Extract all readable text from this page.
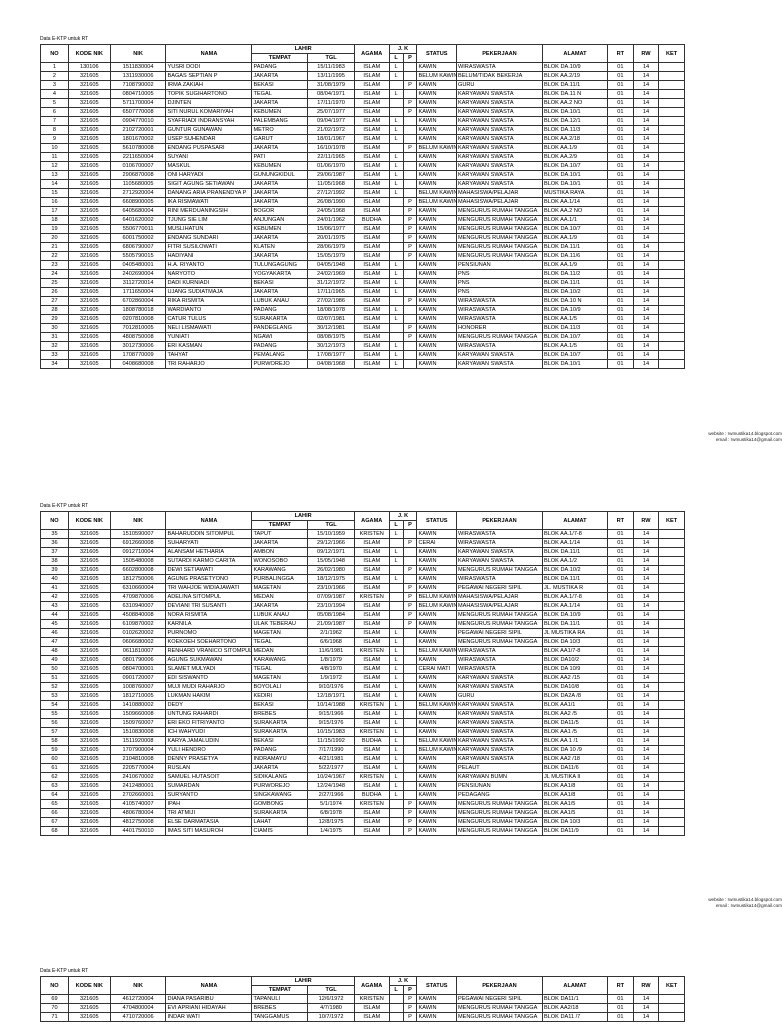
Data E-KTP untuk RT
NO	KODE NIK	NIK	NAMA	LAHIR		AGAMA	J. K		STATUS	PEKERJAAN	ALAMAT	RT	RW	KET
				TEMPAT	TGL		L	P						
1	130106	1511830004	YUSRI DODI	PADANG	15/11/1983	ISLAM	L		KAWIN	WIRASWASTA	BLOK DA.10/9	01	14	
2	321605	1311930006	BAGAS SEPTIAN P	JAKARTA	13/11/1995	ISLAM	L		BELUM KAWIN	BELUM/TIDAK BEKERJA	BLOK AA.2/19	01	14	
3	321605	7108790002	IRMA ZAKIAH	BEKASI	31/08/1979	ISLAM		P	KAWIN	GURU	BLOK DA.11/1	01	14	
4	321605	0804710005	TOPIK SUGIHARTONO	TEGAL	08/04/1971	ISLAM	L		KAWIN	KARYAWAN SWASTA	BLOK DA.11 N	01	14	
5	321605	5711700004	DJINTEN	JAKARTA	17/11/1970	ISLAM		P	KAWIN	KARYAWAN SWASTA	BLOK AA.2 NO	01	14	
6	321605	6507770008	SITI NURUL KOMARIYAH	KEBUMEN	25/07/1977	ISLAM		P	KAWIN	KARYAWAN SWASTA	BLOK DA.10/1	01	14	
7	321605	0904770010	SYAFRIADI INDRANSYAH	PALEMBANG	09/04/1977	ISLAM	L		KAWIN	KARYAWAN SWASTA	BLOK DA.12/1	01	14	
8	321605	2102720001	GUNTUR GUNAWAN	METRO	21/02/1972	ISLAM	L		KAWIN	KARYAWAN SWASTA	BLOK DA.11/3	01	14	
9	321605	1801670002	USEP SUHENDAR	GARUT	18/01/1967	ISLAM	L		KAWIN	KARYAWAN SWASTA	BLOK AA.2/18	01	14	
10	321605	5610780008	ENDANG PUSPASARI	JAKARTA	16/10/1978	ISLAM		P	BELUM KAWIN	KARYAWAN SWASTA	BLOK AA.1/9	01	14	
11	321605	2211650004	SUYANI	PATI	22/11/1965	ISLAM	L		KAWIN	KARYAWAN SWASTA	BLOK AA.2/9	01	14	
12	321605	0106700007	MASKUL	KEBUMEN	01/06/1970	ISLAM	L		KAWIN	KARYAWAN SWASTA	BLOK DA.10/7	01	14	
13	321605	2906870008	ONI HARYADI	GUNUNGKIDUL	29/06/1987	ISLAM	L		KAWIN	KARYAWAN SWASTA	BLOK DA.10/1	01	14	
14	321605	1105680005	SIGIT AGUNG SETIAWAN	JAKARTA	11/05/1968	ISLAM	L		KAWIN	KARYAWAN SWASTA	BLOK DA.10/1	01	14	
15	321605	2712920004	DANANG ARIA PRANENDYA P	JAKARTA	27/12/1992	ISLAM	L		BELUM KAWIN	MAHASISWA/PELAJAR	MUSTIKA RAYA	01	14	
16	321605	6608900005	IKA RISMAWATI	JAKARTA	26/08/1990	ISLAM		P	BELUM KAWIN	MAHASISWA/PELAJAR	BLOK AA.1/14	01	14	
17	321605	6405680004	RINI MERDUANINGSIH	BOGOR	24/05/1968	ISLAM		P	KAWIN	MENGURUS RUMAH TANGGA	BLOK AA.2 NO	01	14	
18	321605	6401620002	TJUNG SIE LIM	ANJUNGAN	24/01/1962	BUDHA		P	KAWIN	MENGURUS RUMAH TANGGA	BLOK AA.1/1	01	14	
19	321605	5506770011	MUSLIHATUN	KEBUMEN	15/06/1977	ISLAM		P	KAWIN	MENGURUS RUMAH TANGGA	BLOK DA.10/7	01	14	
20	321605	6001750002	ENDANG SUNDARI	JAKARTA	20/01/1975	ISLAM		P	KAWIN	MENGURUS RUMAH TANGGA	BLOK AA.1/9	01	14	
21	321605	6806790007	FITRI SUSILOWATI	KLATEN	28/06/1979	ISLAM		P	KAWIN	MENGURUS RUMAH TANGGA	BLOK DA.11/1	01	14	
22	321605	5505790015	HADIYANI	JAKARTA	15/05/1979	ISLAM		P	KAWIN	MENGURUS RUMAH TANGGA	BLOK DA.11/6	01	14	
23	321605	0405480001	H.A. RIYANTO	TULUNGAGUNG	04/05/1948	ISLAM	L		KAWIN	PENSIUNAN	BLOK AA.1/9	01	14	
24	321605	2402690004	NARYOTO	YOGYAKARTA	24/02/1969	ISLAM	L		KAWIN	PNS	BLOK DA.11/2	01	14	
25	321605	3112720014	DADI KURNIADI	BEKASI	31/12/1972	ISLAM	L		KAWIN	PNS	BLOK DA.11/1	01	14	
26	321605	1711650004	UJANG SUDIATMAJA	JAKARTA	17/11/1965	ISLAM	L		KAWIN	PNS	BLOK DA.10/2	01	14	
27	321605	6702860004	RIKA RISMITA	LUBUK ANAU	27/02/1986	ISLAM		P	KAWIN	WIRASWASTA	BLOK DA.10 N	01	14	
28	321605	1808780018	WARDIANTO	PADANG	18/08/1978	ISLAM	L		KAWIN	WIRASWASTA	BLOK DA.10/9	01	14	
29	321605	0207810008	CATUR TULUS	SURAKARTA	02/07/1981	ISLAM	L		KAWIN	WIRASWASTA	BLOK AA.1/5	01	14	
30	321605	7012810005	NELI LISMAWATI	PANDEGLANG	30/12/1981	ISLAM		P	KAWIN	HONORER	BLOK DA.11/3	01	14	
31	321605	4808750008	YUNIATI	NGAWI	08/08/1975	ISLAM		P	KAWIN	MENGURUS RUMAH TANGGA	BLOK DA.10/7	01	14	
32	321605	3012730006	ERI KASMAN	PADANG	30/12/1973	ISLAM	L		KAWIN	WIRASWASTA	BLOK AA.1/5	01	14	
33	321605	1708770009	TAHYAT	PEMALANG	17/08/1977	ISLAM	L		KAWIN	KARYAWAN SWASTA	BLOK DA.10/7	01	14	
34	321605	0408680008	TRI RAHARJO	PURWOREJO	04/08/1968	ISLAM	L		KAWIN	KARYAWAN SWASTA	BLOK DA.10/1	01	14	
website : rwmustika14.blogspot.com
email : rwmustika14@gmail.com
Data E-KTP untuk RT
NO	KODE NIK	NIK	NAMA	LAHIR		AGAMA	J. K		STATUS	PEKERJAAN	ALAMAT	RT	RW	KET
				TEMPAT	TGL		L	P						
35	321605	1510590007	BAHARUDDIN SITOMPUL	TAPUT	15/10/1959	KRISTEN	L		KAWIN	WIRASWASTA	BLOK AA.1/7-8	01	14	
36	321605	6912660008	SUHARYATI	JAKARTA	29/12/1966	ISLAM		P	CERAI	WIRASWASTA	BLOK AA.1/14	01	14	
37	321605	0912710004	ALANSAM HETHARIA	AMBON	09/12/1971	ISLAM	L		KAWIN	KARYAWAN SWASTA	BLOK DA.11/1	01	14	
38	321605	1505480008	SUTARDI KARMO CARITA	WONOSOBO	15/05/1948	ISLAM	L		KAWIN	KARYAWAN SWASTA	BLOK AA.1/2	01	14	
39	321605	6602800008	DEWI SETIAWATI	KARAWANG	26/02/1980	ISLAM		P	KAWIN	MENGURUS RUMAH TANGGA	BLOK DA.10/2	01	14	
40	321605	1812750006	AGUNG PRASETYONO	PURBALINGGA	18/12/1975	ISLAM	L		KAWIN	WIRASWASTA	BLOK DA.11/1	01	14	
41	321605	6310660004	TRI WAHJOE WIDIAJAWATI	MAGETAN	23/10/1966	ISLAM		P	KAWIN	PEGAWAI NEGERI SIPIL	JL. MUSTIKA R	01	14	
42	321605	4709870006	ADELINA SITOMPUL	MEDAN	07/09/1987	KRISTEN		P	BELUM KAWIN	MAHASISWA/PELAJAR	BLOK AA.1/7-8	01	14	
43	321605	6310940007	DEVIANI TRI SUSANTI	JAKARTA	23/10/1994	ISLAM		P	BELUM KAWIN	MAHASISWA/PELAJAR	BLOK AA.1/14	01	14	
44	321605	4508840008	NORA RISMITA	LUBUK ANAU	05/08/1984	ISLAM		P	KAWIN	MENGURUS RUMAH TANGGA	BLOK DA.10/9	01	14	
45	321605	6109870002	KARNILA	ULAK TEBERAU	21/09/1987	ISLAM		P	KAWIN	MENGURUS RUMAH TANGGA	BLOK DA.11/1	01	14	
46	321605	0102620002	PURNOMO	MAGETAN	2/1/1962	ISLAM	L		KAWIN	PEGAWAI NEGERI SIPIL	JL MUSTIKA RA	01	14	
47	321605	0606680002	KOEKOEH SOEHARTONO	TEGAL	6/6/1968	ISLAM	L		KAWIN	MENGURUS RUMAH TANGGA	BLOK DA 10/3	01	14	
48	321605	0611810007	RENHARD VRANICO SITOMPUL	MEDAN	11/6/1981	KRISTEN	L		BELUM KAWIN	WIRASWASTA	BLOK AA1/7-8	01	14	
49	321605	0801790006	AGUNG SUKMAWAN	KARAWANG	1/8/1979	ISLAM	L		KAWIN	WIRASWASTA	BLOK DA10/2	01	14	
50	321605	0804700001	SLAMET MULYADI	TEGAL	4/8/1970	ISLAM	L		CERAI MATI	WIRASWASTA	BLOK DA 10/9	01	14	
51	321605	0901720007	EDI SISWANTO	MAGETAN	1/9/1972	ISLAM	L		KAWIN	KARYAWAN SWASTA	BLOK AA2 /15	01	14	
52	321605	1008760007	MUJI MUDI RAHARJO	BOYOLALI	9/10/1976	ISLAM	L		KAWIN	KARYAWAN SWASTA	BLOK DA10/8	01	14	
53	321605	1812710005	LUKMAN HAKIM	KEDIRI	12/18/1971	ISLAM	L		KAWIN	GURU	BLOK DA2A /8	01	14	
54	321605	1410880002	DEDY	BEKASI	10/14/1988	KRISTEN	L		BELUM KAWIN	KARYAWAN SWASTA	BLOK AA1/1	01	14	
55	321605	1509660008	UNTUNG RAHARDI	BREBES	9/15/1966	ISLAM	L		KAWIN	KARYAWAN SWASTA	BLOK AA2 /5	01	14	
56	321605	1509760007	ERI EKO FITRIYANTO	SURAKARTA	9/15/1976	ISLAM	L		KAWIN	KARYAWAN SWASTA	BLOK DA11/5	01	14	
57	321605	1510830008	ICH WAHYUDI	SURAKARTA	10/15/1983	KRISTEN	L		KAWIN	KARYAWAN SWASTA	BLOK AA1 /5	01	14	
58	321605	1511920008	KARYA JAMALUDIN	BEKASI	11/15/1992	BUDHA	L		BELUM KAWIN	KARYAWAN SWASTA	BLOK AA 1 /1	01	14	
59	321605	1707900004	YULI HENDRO	PADANG	7/17/1990	ISLAM	L		BELUM KAWIN	KARYAWAN SWASTA	BLOK DA 10 /9	01	14	
60	321605	2104810008	DENNY PRASETYA	INDRAMAYU	4/21/1981	ISLAM	L		KAWIN	KARYAWAN SWASTA	BLOK AA2 /18	01	14	
61	321605	2205770004	RUSLAN	JAKARTA	5/22/1977	ISLAM	L		KAWIN	PELAUT	BLOK DA11/6	01	14	
62	321605	2410670002	SAMUEL HUTASOIT	SIDIKALANG	10/24/1967	KRISTEN	L		KAWIN	KARYAWAN BUMN	JL MUSTIKA II	01	14	
63	321605	2412480001	SUMARDAN	PURWOREJO	12/24/1948	ISLAM	L		KAWIN	PENSIUNAN	BLOK AA1/8	01	14	
64	321605	2702660001	SURYANTO	SINGKAWANG	2/27/1966	BUDHA	L		KAWIN	PEDAGANG	BLOK AA1/8	01	14	
65	321605	4105740007	IPAH	GOMBONG	5/1/1974	KRISTEN		P	KAWIN	MENGURUS RUMAH TANGGA	BLOK AA1/5	01	14	
66	321605	4806780004	TRI ATMIJI	SURAKARTA	6/8/1978	ISLAM		P	KAWIN	MENGURUS RUMAH TANGGA	BLOK AA1/5	01	14	
67	321605	4812750008	ELSE DARMATASIA	LAHAT	12/8/1975	ISLAM		P	KAWIN	MENGURUS RUMAH TANGGA	BLOK DA 10/3	01	14	
68	321605	4401750010	IMAS SITI MASUROH	CIAMIS	1/4/1975	ISLAM		P	KAWIN	MENGURUS RUMAH TANGGA	BLOK DA11/9	01	14	
website : rwmustika14.blogspot.com
email : rwmustika14@gmail.com
Data E-KTP untuk RT
NO	KODE NIK	NIK	NAMA	LAHIR		AGAMA	J. K		STATUS	PEKERJAAN	ALAMAT	RT	RW	KET
				TEMPAT	TGL		L	P						
69	321605	4612720004	DIANA PASARIBU	TAPANULI	12/6/1972	KRISTEN		P	KAWIN	PEGAWAI NEGERI SIPIL	BLOK DA11/1	01	14	
70	321605	4704800004	EVI APRIANI HIDAYAH	BREBES	4/7/1980	ISLAM		P	KAWIN	MENGURUS RUMAH TANGGA	BLOK AA2/18	01	14	
71	321605	4710720006	INDAR WATI	TANGGAMUS	10/7/1972	ISLAM		P	KAWIN	MENGURUS RUMAH TANGGA	BLOK DA11 /7	01	14	
